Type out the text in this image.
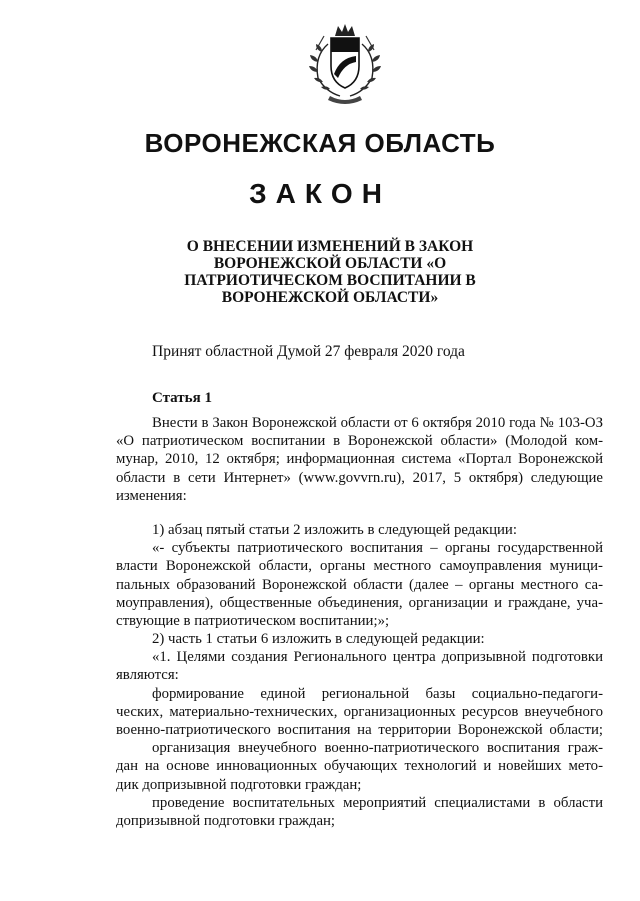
ВОРОНЕЖСКАЯ ОБЛАСТЬ
ЗАКОН
О ВНЕСЕНИИ ИЗМЕНЕНИЙ В ЗАКОН
ВОРОНЕЖСКОЙ ОБЛАСТИ «О
ПАТРИОТИЧЕСКОМ ВОСПИТАНИИ В
ВОРОНЕЖСКОЙ ОБЛАСТИ»
Принят областной Думой 27 февраля 2020 года
Статья 1
Внести в Закон Воронежской области от 6 октября 2010 года № 103-ОЗ
«О патриотическом воспитании в Воронежской области» (Молодой ком-
мунар, 2010, 12 октября; информационная система «Портал Воронежской
области в сети Интернет» (www.govvrn.ru), 2017, 5 октября) следующие
изменения:
1) абзац пятый статьи 2 изложить в следующей редакции:
«- субъекты патриотического воспитания – органы государственной
власти Воронежской области, органы местного самоуправления муници-
пальных образований Воронежской области (далее – органы местного са-
моуправления), общественные объединения, организации и граждане, уча-
ствующие в патриотическом воспитании;»;
2) часть 1 статьи 6 изложить в следующей редакции:
«1. Целями создания Регионального центра допризывной подготовки
являются:
формирование единой региональной базы социально-педагоги-
ческих, материально-технических, организационных ресурсов внеучебного
военно-патриотического воспитания на территории Воронежской области;
организация внеучебного военно-патриотического воспитания граж-
дан на основе инновационных обучающих технологий и новейших мето-
дик допризывной подготовки граждан;
проведение воспитательных мероприятий специалистами в области
допризывной подготовки граждан;
